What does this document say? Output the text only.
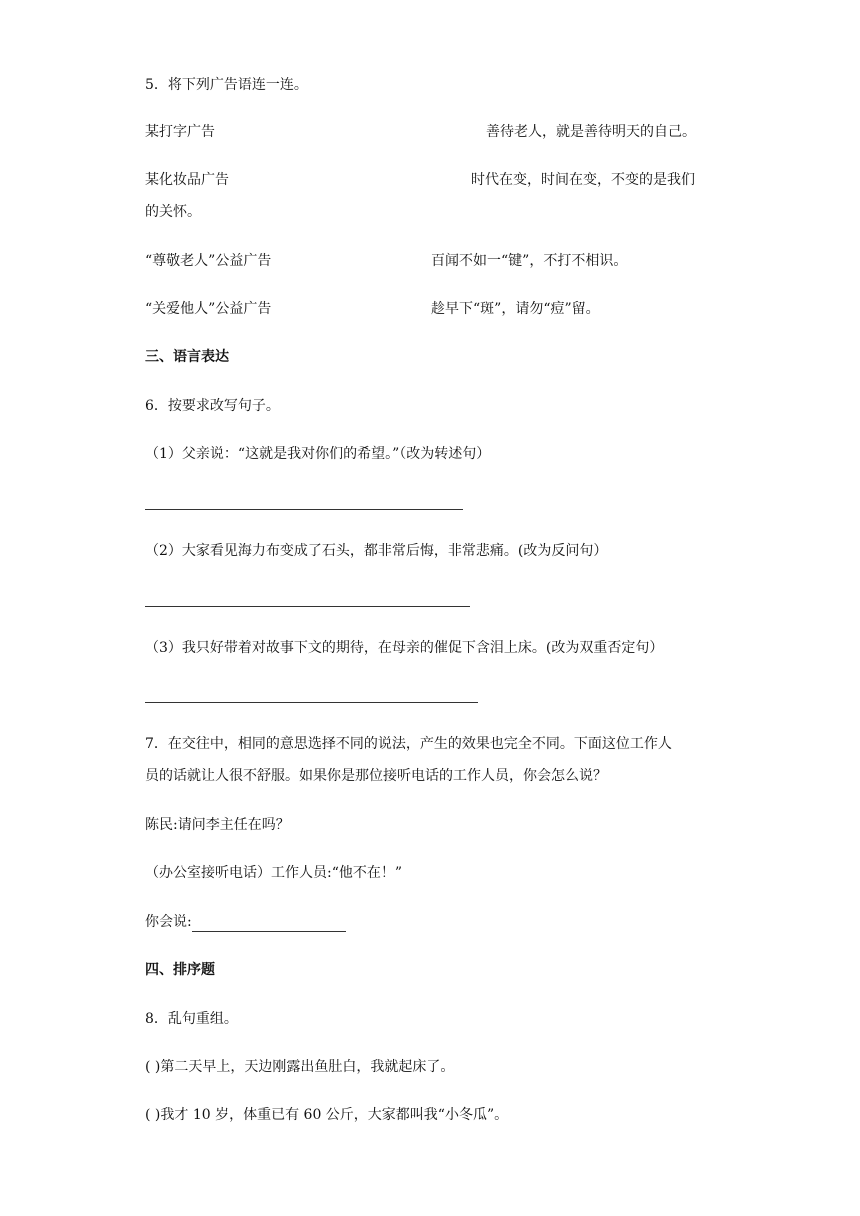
5．将下列广告语连一连。
某打字广告	善待老人，就是善待明天的自己。
某化妆品广告	时代在变，时间在变，不变的是我们
的关怀。
“尊敬老人”公益广告	百闻不如一“键”，不打不相识。
“关爱他人”公益广告	趁早下“斑”，请勿“痘”留。
三、语言表达
6．按要求改写句子。
（1）父亲说：“这就是我对你们的希望。”（改为转述句）
（2）大家看见海力布变成了石头，都非常后悔，非常悲痛。(改为反问句）
（3）我只好带着对故事下文的期待，在母亲的催促下含泪上床。(改为双重否定句）
7．在交往中，相同的意思选择不同的说法，产生的效果也完全不同。下面这位工作人
员的话就让人很不舒服。如果你是那位接听电话的工作人员，你会怎么说？
陈民:请问李主任在吗？
（办公室接听电话）工作人员:“他不在！”
你会说:
四、排序题
8．乱句重组。
( )第二天早上，天边刚露出鱼肚白，我就起床了。
( )我才 10 岁，体重已有 60 公斤，大家都叫我“小冬瓜”。
